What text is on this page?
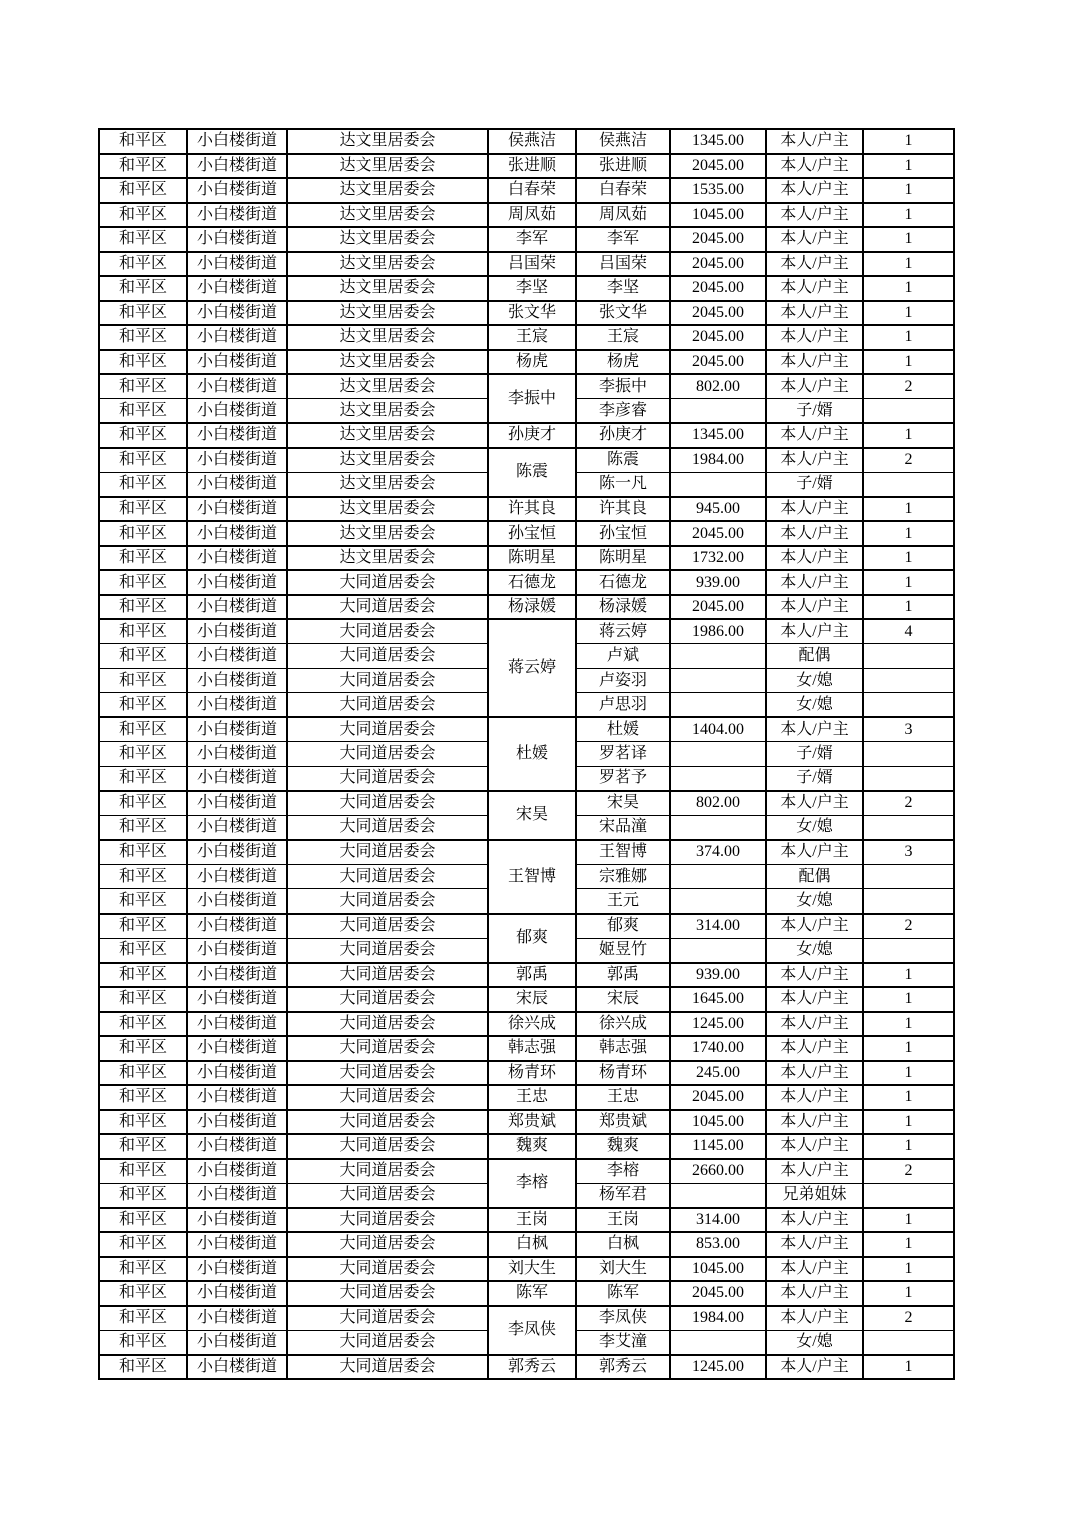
和平区	小白楼街道	达文里居委会	侯燕洁	侯燕洁	1345.00	本人/户主	1
和平区	小白楼街道	达文里居委会	张进顺	张进顺	2045.00	本人/户主	1
和平区	小白楼街道	达文里居委会	白春荣	白春荣	1535.00	本人/户主	1
和平区	小白楼街道	达文里居委会	周凤茹	周凤茹	1045.00	本人/户主	1
和平区	小白楼街道	达文里居委会	李军	李军	2045.00	本人/户主	1
和平区	小白楼街道	达文里居委会	吕国荣	吕国荣	2045.00	本人/户主	1
和平区	小白楼街道	达文里居委会	李坚	李坚	2045.00	本人/户主	1
和平区	小白楼街道	达文里居委会	张文华	张文华	2045.00	本人/户主	1
和平区	小白楼街道	达文里居委会	王宸	王宸	2045.00	本人/户主	1
和平区	小白楼街道	达文里居委会	杨虎	杨虎	2045.00	本人/户主	1
和平区	小白楼街道	达文里居委会	李振中	李振中	802.00	本人/户主	2
和平区	小白楼街道	达文里居委会		李彦睿		子/婿	
和平区	小白楼街道	达文里居委会	孙庚才	孙庚才	1345.00	本人/户主	1
和平区	小白楼街道	达文里居委会	陈震	陈震	1984.00	本人/户主	2
和平区	小白楼街道	达文里居委会		陈一凡		子/婿	
和平区	小白楼街道	达文里居委会	许其良	许其良	945.00	本人/户主	1
和平区	小白楼街道	达文里居委会	孙宝恒	孙宝恒	2045.00	本人/户主	1
和平区	小白楼街道	达文里居委会	陈明星	陈明星	1732.00	本人/户主	1
和平区	小白楼街道	大同道居委会	石德龙	石德龙	939.00	本人/户主	1
和平区	小白楼街道	大同道居委会	杨渌媛	杨渌媛	2045.00	本人/户主	1
和平区	小白楼街道	大同道居委会	蒋云婷	蒋云婷	1986.00	本人/户主	4
和平区	小白楼街道	大同道居委会		卢斌		配偶	
和平区	小白楼街道	大同道居委会		卢姿羽		女/媳	
和平区	小白楼街道	大同道居委会		卢思羽		女/媳	
和平区	小白楼街道	大同道居委会	杜媛	杜媛	1404.00	本人/户主	3
和平区	小白楼街道	大同道居委会		罗茗译		子/婿	
和平区	小白楼街道	大同道居委会		罗茗予		子/婿	
和平区	小白楼街道	大同道居委会	宋昊	宋昊	802.00	本人/户主	2
和平区	小白楼街道	大同道居委会		宋品潼		女/媳	
和平区	小白楼街道	大同道居委会	王智博	王智博	374.00	本人/户主	3
和平区	小白楼街道	大同道居委会		宗雅娜		配偶	
和平区	小白楼街道	大同道居委会		王元		女/媳	
和平区	小白楼街道	大同道居委会	郁爽	郁爽	314.00	本人/户主	2
和平区	小白楼街道	大同道居委会		姬昱竹		女/媳	
和平区	小白楼街道	大同道居委会	郭禹	郭禹	939.00	本人/户主	1
和平区	小白楼街道	大同道居委会	宋辰	宋辰	1645.00	本人/户主	1
和平区	小白楼街道	大同道居委会	徐兴成	徐兴成	1245.00	本人/户主	1
和平区	小白楼街道	大同道居委会	韩志强	韩志强	1740.00	本人/户主	1
和平区	小白楼街道	大同道居委会	杨青环	杨青环	245.00	本人/户主	1
和平区	小白楼街道	大同道居委会	王忠	王忠	2045.00	本人/户主	1
和平区	小白楼街道	大同道居委会	郑贵斌	郑贵斌	1045.00	本人/户主	1
和平区	小白楼街道	大同道居委会	魏爽	魏爽	1145.00	本人/户主	1
和平区	小白楼街道	大同道居委会	李榕	李榕	2660.00	本人/户主	2
和平区	小白楼街道	大同道居委会		杨军君		兄弟姐妹	
和平区	小白楼街道	大同道居委会	王岗	王岗	314.00	本人/户主	1
和平区	小白楼街道	大同道居委会	白枫	白枫	853.00	本人/户主	1
和平区	小白楼街道	大同道居委会	刘大生	刘大生	1045.00	本人/户主	1
和平区	小白楼街道	大同道居委会	陈军	陈军	2045.00	本人/户主	1
和平区	小白楼街道	大同道居委会	李凤侠	李凤侠	1984.00	本人/户主	2
和平区	小白楼街道	大同道居委会		李艾潼		女/媳	
和平区	小白楼街道	大同道居委会	郭秀云	郭秀云	1245.00	本人/户主	1
